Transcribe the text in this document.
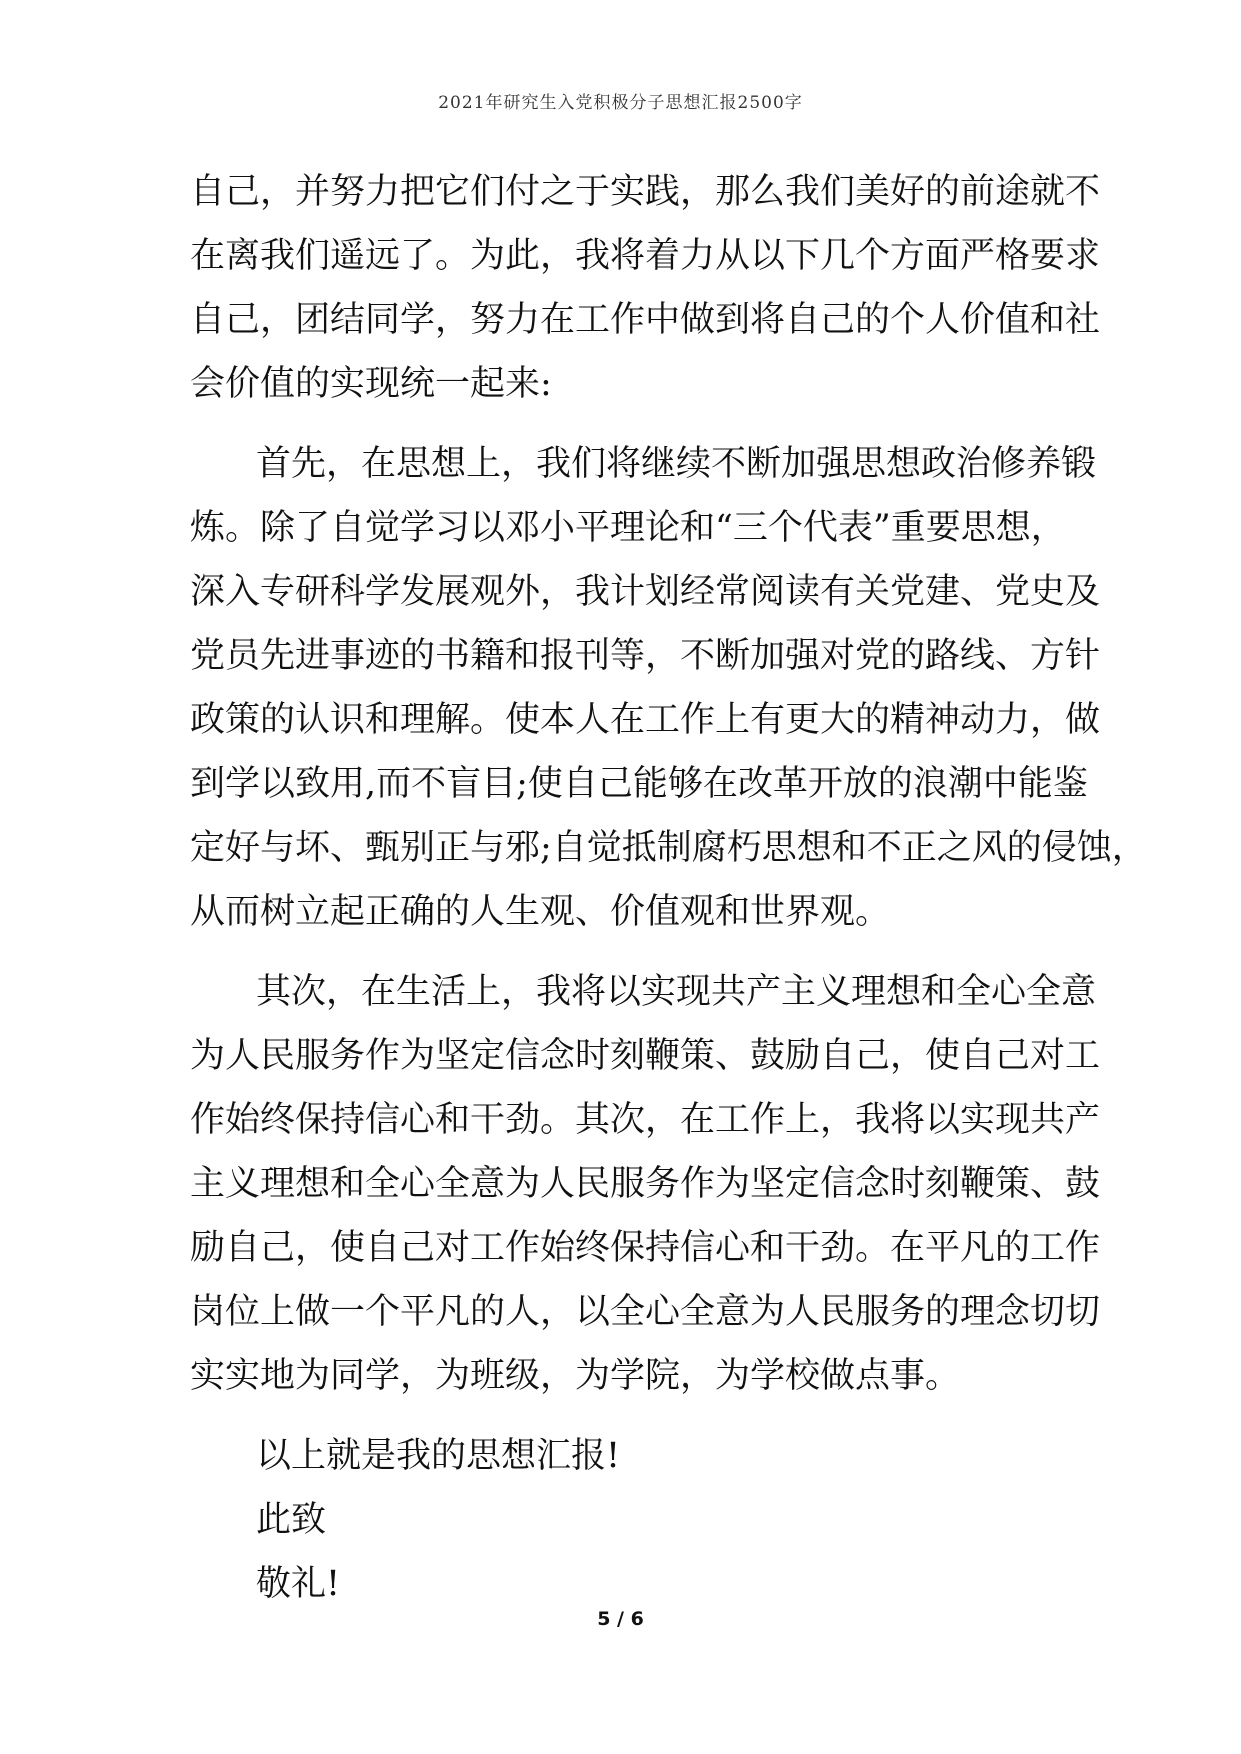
2021年研究生入党积极分子思想汇报2500字
自己，并努力把它们付之于实践，那么我们美好的前途就不
在离我们遥远了。为此，我将着力从以下几个方面严格要求
自己，团结同学，努力在工作中做到将自己的个人价值和社
会价值的实现统一起来:
首先，在思想上，我们将继续不断加强思想政治修养锻
炼。除了自觉学习以邓小平理论和“三个代表”重要思想，
深入专研科学发展观外，我计划经常阅读有关党建、党史及
党员先进事迹的书籍和报刊等，不断加强对党的路线、方针
政策的认识和理解。使本人在工作上有更大的精神动力，做
到学以致用,而不盲目;使自己能够在改革开放的浪潮中能鉴
定好与坏、甄别正与邪;自觉抵制腐朽思想和不正之风的侵蚀，
从而树立起正确的人生观、价值观和世界观。
其次，在生活上，我将以实现共产主义理想和全心全意
为人民服务作为坚定信念时刻鞭策、鼓励自己，使自己对工
作始终保持信心和干劲。其次，在工作上，我将以实现共产
主义理想和全心全意为人民服务作为坚定信念时刻鞭策、鼓
励自己，使自己对工作始终保持信心和干劲。在平凡的工作
岗位上做一个平凡的人，以全心全意为人民服务的理念切切
实实地为同学，为班级，为学院，为学校做点事。
以上就是我的思想汇报!
此致
敬礼!
5 / 6
